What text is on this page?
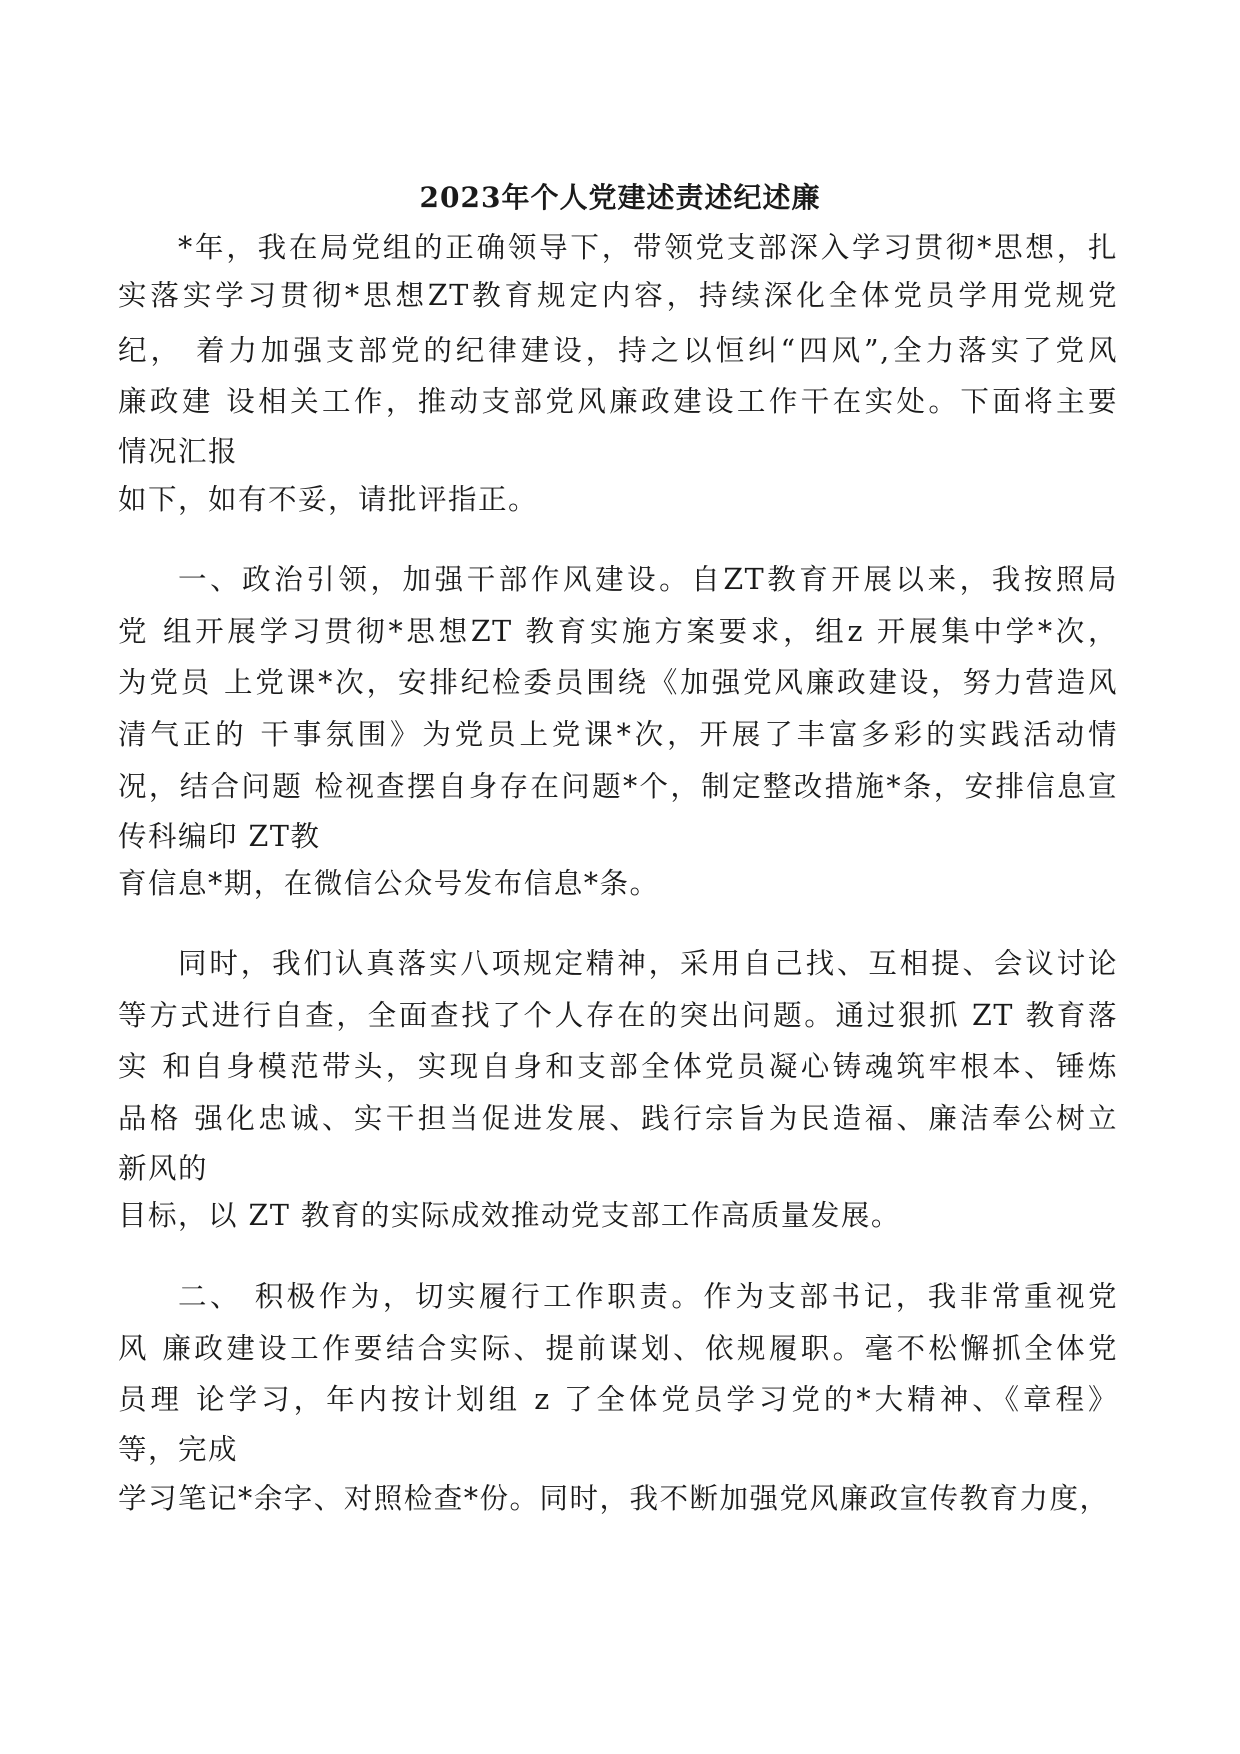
2023年个人党建述责述纪述廉
*年，我在局党组的正确领导下，带领党支部深入学习贯彻*思想，扎
实落实学习贯彻*思想ZT教育规定内容，持续深化全体党员学用党规党
纪， 着力加强支部党的纪律建设，持之以恒纠“四风”,全力落实了党风
廉政建 设相关工作，推动支部党风廉政建设工作干在实处。下面将主要
情况汇报
如下，如有不妥，请批评指正。
一、政治引领，加强干部作风建设。自ZT教育开展以来，我按照局
党 组开展学习贯彻*思想ZT 教育实施方案要求，组z 开展集中学*次，
为党员 上党课*次，安排纪检委员围绕《加强党风廉政建设，努力营造风
清气正的 干事氛围》为党员上党课*次，开展了丰富多彩的实践活动情
况，结合问题 检视查摆自身存在问题*个，制定整改措施*条，安排信息宣
传科编印 ZT教
育信息*期，在微信公众号发布信息*条。
同时，我们认真落实八项规定精神，采用自己找、互相提、会议讨论
等方式进行自查，全面查找了个人存在的突出问题。通过狠抓 ZT 教育落
实 和自身模范带头，实现自身和支部全体党员凝心铸魂筑牢根本、锤炼
品格 强化忠诚、实干担当促进发展、践行宗旨为民造福、廉洁奉公树立
新风的
目标，以 ZT 教育的实际成效推动党支部工作高质量发展。
二、 积极作为，切实履行工作职责。作为支部书记，我非常重视党
风 廉政建设工作要结合实际、提前谋划、依规履职。毫不松懈抓全体党
员理 论学习，年内按计划组 z 了全体党员学习党的*大精神、《章程》
等，完成
学习笔记*余字、对照检查*份。同时，我不断加强党风廉政宣传教育力度，
